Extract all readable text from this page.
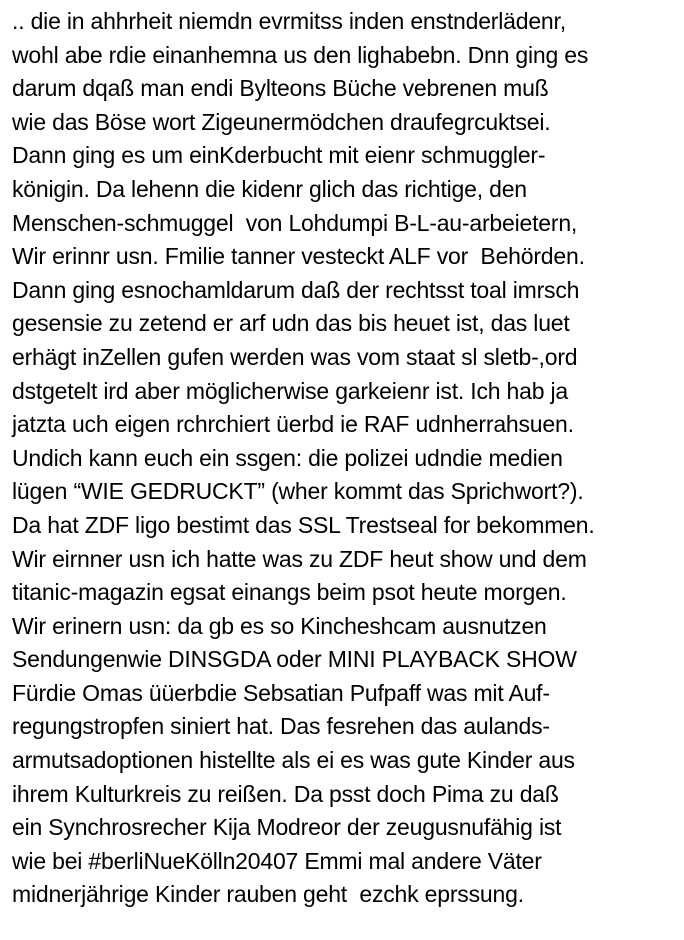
.. die in ahhrheit niemdn evrmitss inden enstnderlädenr,
wohl abe rdie einanhemna us den lighabebn. Dnn ging es
darum dqaß man endi Bylteons Büche vebrenen muß
wie das Böse wort Zigeunermödchen draufegrcuktsei.
Dann ging es um einKderbucht mit eienr schmuggler-
königin. Da lehenn die kidenr glich das richtige, den
Menschen-schmuggel  von Lohdumpi B-L-au-arbeietern,
Wir erinnr usn. Fmilie tanner vesteckt ALF vor  Behörden.
Dann ging esnochamldarum daß der rechtsst toal imrsch
gesensie zu zetend er arf udn das bis heuet ist, das luet
erhägt inZellen gufen werden was vom staat sl sletb-,ord
dstgetelt ird aber möglicherwise garkeienr ist. Ich hab ja
jatzta uch eigen rchrchiert üerbd ie RAF udnherrahsuen.
Undich kann euch ein ssgen: die polizei udndie medien
lügen “WIE GEDRUCKT” (wher kommt das Sprichwort?).
Da hat ZDF ligo bestimt das SSL Trestseal for bekommen.
Wir eirnner usn ich hatte was zu ZDF heut show und dem
titanic-magazin egsat einangs beim psot heute morgen.
Wir erinern usn: da gb es so Kincheshcam ausnutzen
Sendungenwie DINSGDA oder MINI PLAYBACK SHOW
Fürdie Omas üüerbdie Sebsatian Pufpaff was mit Auf-
regungstropfen siniert hat. Das fesrehen das aulands-
armutsadoptionen histellte als ei es was gute Kinder aus
ihrem Kulturkreis zu reißen. Da psst doch Pima zu daß
ein Synchrosrecher Kija Modreor der zeugusnufähig ist
wie bei #berliNueKölln20407 Emmi mal andere Väter
midnerjährige Kinder rauben geht  ezchk eprssung.
